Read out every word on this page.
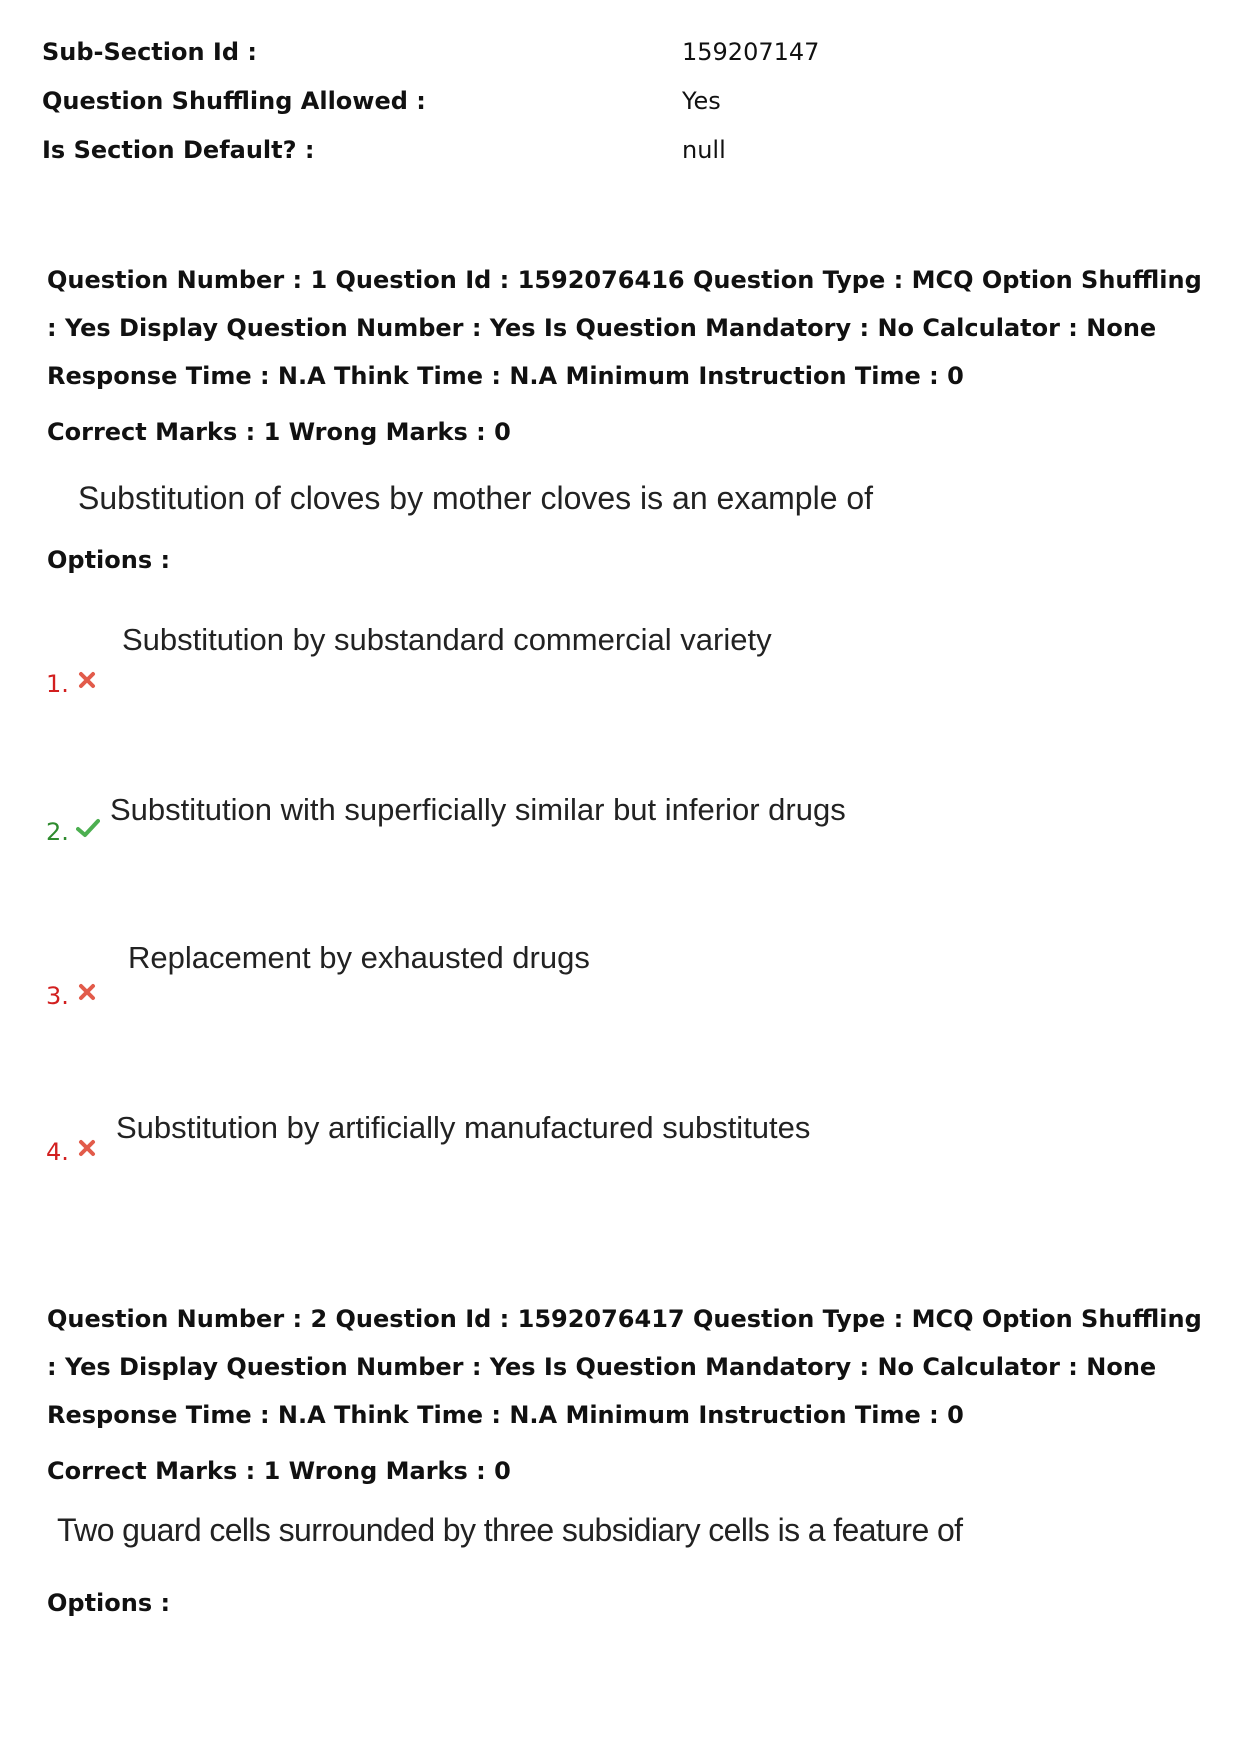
Sub-Section Id :	159207147
Question Shuffling Allowed :	Yes
Is Section Default? :	null
Question Number : 1 Question Id : 1592076416 Question Type : MCQ Option Shuffling : Yes Display Question Number : Yes Is Question Mandatory : No Calculator : None Response Time : N.A Think Time : N.A Minimum Instruction Time : 0
Correct Marks : 1 Wrong Marks : 0
Substitution of cloves by mother cloves is an example of
Options :
1.
Substitution by substandard commercial variety
2.
Substitution with superficially similar but inferior drugs
3.
Replacement by exhausted drugs
4.
Substitution by artificially manufactured substitutes
Question Number : 2 Question Id : 1592076417 Question Type : MCQ Option Shuffling : Yes Display Question Number : Yes Is Question Mandatory : No Calculator : None Response Time : N.A Think Time : N.A Minimum Instruction Time : 0
Correct Marks : 1 Wrong Marks : 0
Two guard cells surrounded by three subsidiary cells is a feature of
Options :
